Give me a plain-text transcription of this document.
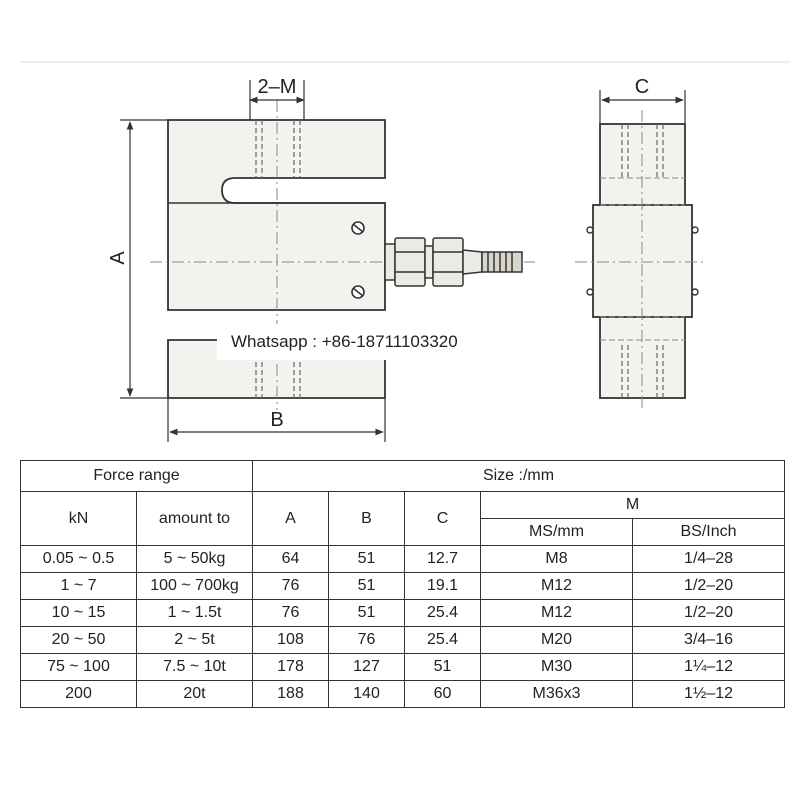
2–M
A
B
C
Whatsapp : +86-18711103320
Force range		Size :/mm				
kN	amount to	A	B	C	M	
					MS/mm	BS/Inch
0.05 ~ 0.5	5 ~ 50kg	64	51	12.7	M8	1/4–28
1 ~ 7	100 ~ 700kg	76	51	19.1	M12	1/2–20
10 ~ 15	1 ~ 1.5t	76	51	25.4	M12	1/2–20
20 ~ 50	2 ~ 5t	108	76	25.4	M20	3/4–16
75 ~ 100	7.5 ~ 10t	178	127	51	M30	1¼–12
200	20t	188	140	60	M36x3	1½–12
